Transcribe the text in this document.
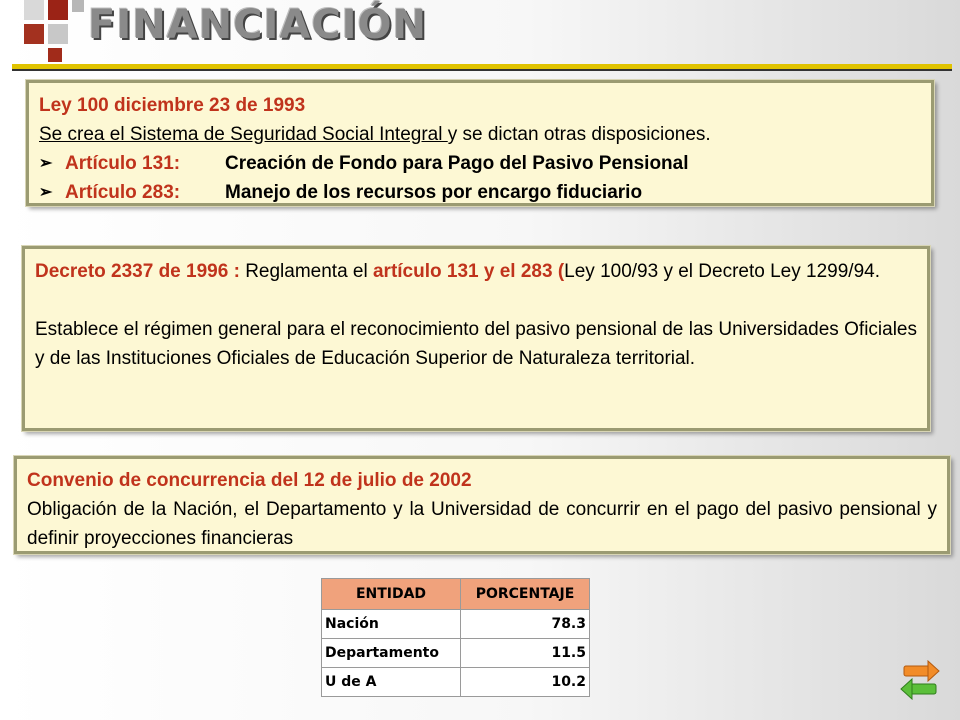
FINANCIACIÓN
Ley 100 diciembre 23 de 1993
Se crea el Sistema de Seguridad Social Integral y se dictan otras disposiciones.
➢ Artículo 131:	Creación de Fondo para Pago del Pasivo Pensional
➢ Artículo 283:	Manejo de los recursos por encargo fiduciario
Decreto 2337 de 1996 : Reglamenta el artículo 131 y el 283 (Ley 100/93 y el Decreto Ley 1299/94.
Establece el régimen general para el reconocimiento del pasivo pensional de las Universidades Oficiales y de las Instituciones Oficiales de Educación Superior de Naturaleza territorial.
Convenio de concurrencia del 12 de julio de 2002
Obligación de la Nación, el Departamento y la Universidad de concurrir en el pago del pasivo pensional y definir proyecciones financieras
ENTIDAD	PORCENTAJE
Nación	78.3
Departamento	11.5
U de A	10.2
